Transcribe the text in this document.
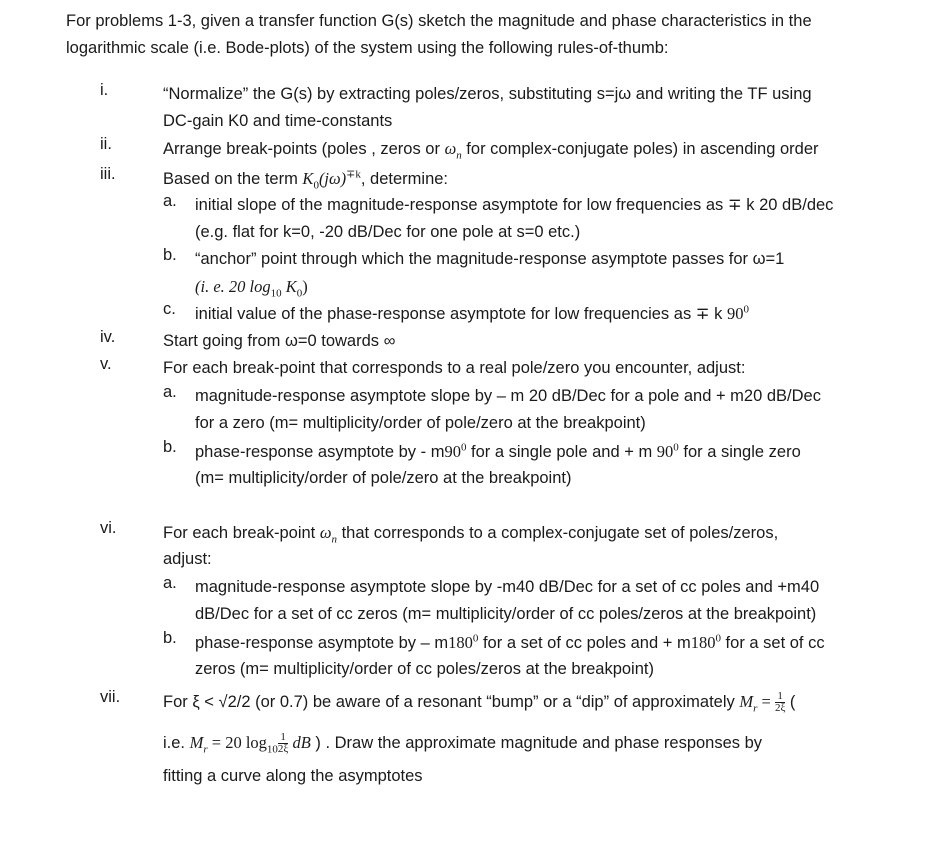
For problems 1-3, given a transfer function G(s) sketch the magnitude and phase characteristics in the
logarithmic scale (i.e. Bode-plots) of the system using the following rules-of-thumb:
i.	“Normalize” the G(s) by extracting poles/zeros, substituting s=jω and writing the TF using
DC-gain K0 and time-constants
ii.	Arrange break-points (poles , zeros or $\omega_n$ for complex-conjugate poles) in ascending order
iii.	Based on the term $K_0(j\omega)^{\mp k}$, determine:
a. initial slope of the magnitude-response asymptote for low frequencies as ∓ k 20 dB/dec
(e.g. flat for k=0, -20 dB/Dec for one pole at s=0 etc.)
b. “anchor” point through which the magnitude-response asymptote passes for ω=1
(i. e. 20 $\log_{10} K_0$)
c. initial value of the phase-response asymptote for low frequencies as ∓ k $90^0$
iv.	Start going from ω=0 towards ∞
v.	For each break-point that corresponds to a real pole/zero you encounter, adjust:
a. magnitude-response asymptote slope by – m 20 dB/Dec for a pole and + m20 dB/Dec
for a zero (m= multiplicity/order of pole/zero at the breakpoint)
b. phase-response asymptote by - $m90^0$ for a single pole and + m $90^0$ for a single zero
(m= multiplicity/order of pole/zero at the breakpoint)
vi.	For each break-point $\omega_n$ that corresponds to a complex-conjugate set of poles/zeros,
adjust:
a. magnitude-response asymptote slope by -m40 dB/Dec for a set of cc poles and +m40
dB/Dec for a set of cc zeros (m= multiplicity/order of cc poles/zeros at the breakpoint)
b. phase-response asymptote by – $m180^0$ for a set of cc poles and + $m180^0$ for a set of cc
zeros (m= multiplicity/order of cc poles/zeros at the breakpoint)
vii.	For ξ < √2/2 (or 0.7) be aware of a resonant “bump” or a “dip” of approximately $M_r = \frac{1}{2\xi}$ (
i.e. $M_r = 20$ $\log_{10} \frac{1}{2\xi}$ dB ) . Draw the approximate magnitude and phase responses by
fitting a curve along the asymptotes
